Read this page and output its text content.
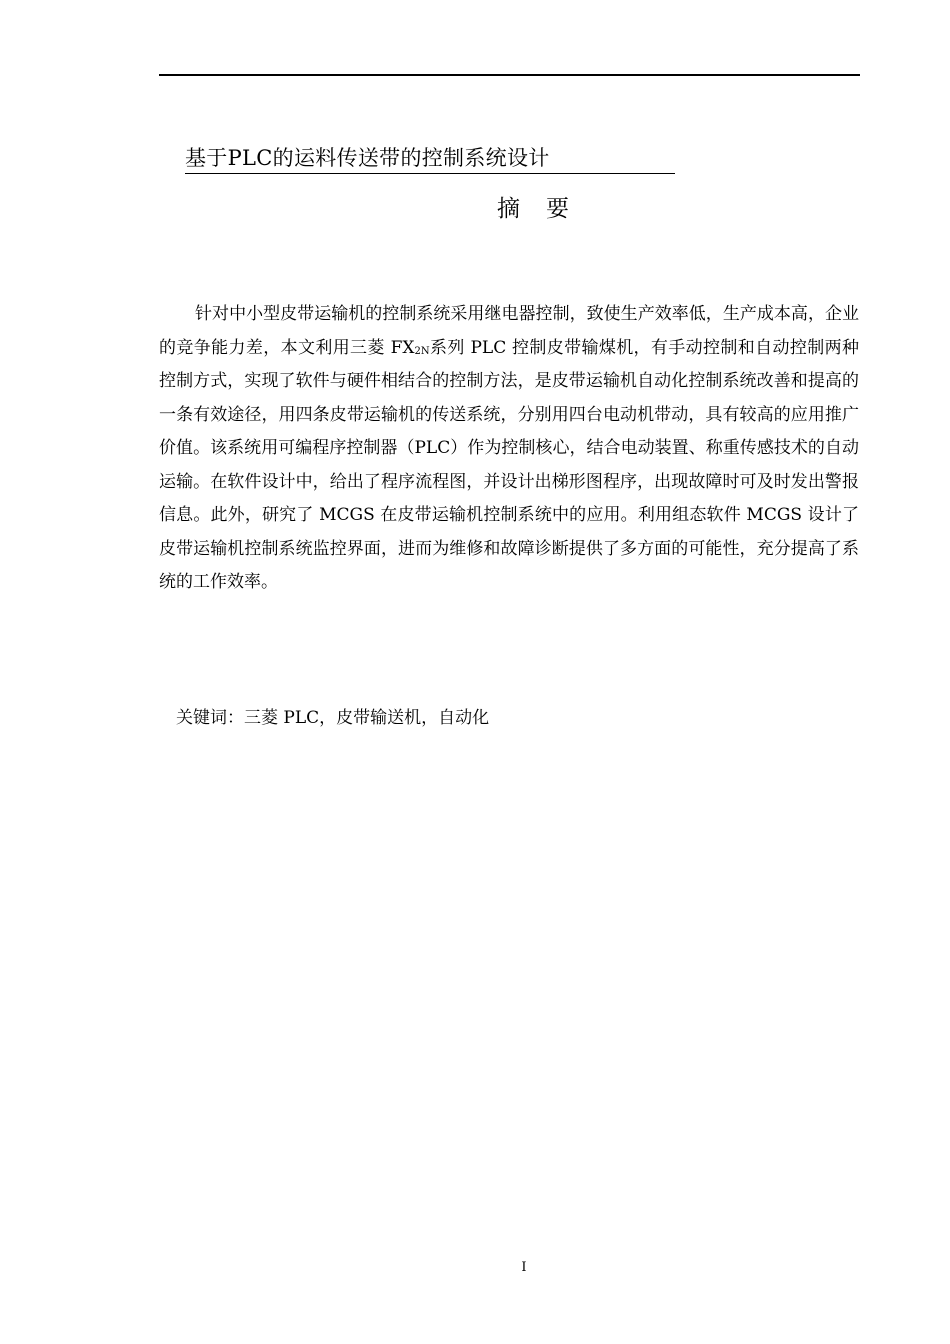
基于PLC的运料传送带的控制系统设计
摘 要

针对中小型皮带运输机的控制系统采用继电器控制，致使生产效率低，生产成本高，企业的竞争能力差，本文利用三菱 $FX_{2N}$系列 PLC 控制皮带输煤机，有手动控制和自动控制两种控制方式，实现了软件与硬件相结合的控制方法，是皮带运输机自动化控制系统改善和提高的一条有效途径，用四条皮带运输机的传送系统，分别用四台电动机带动，具有较高的应用推广价值。该系统用可编程序控制器（PLC）作为控制核心，结合电动装置、称重传感技术的自动运输。在软件设计中，给出了程序流程图，并设计出梯形图程序，出现故障时可及时发出警报信息。此外，研究了 MCGS 在皮带运输机控制系统中的应用。利用组态软件 MCGS 设计了皮带运输机控制系统监控界面，进而为维修和故障诊断提供了多方面的可能性，充分提高了系统的工作效率。

关键词：三菱 PLC，皮带输送机，自动化
I
